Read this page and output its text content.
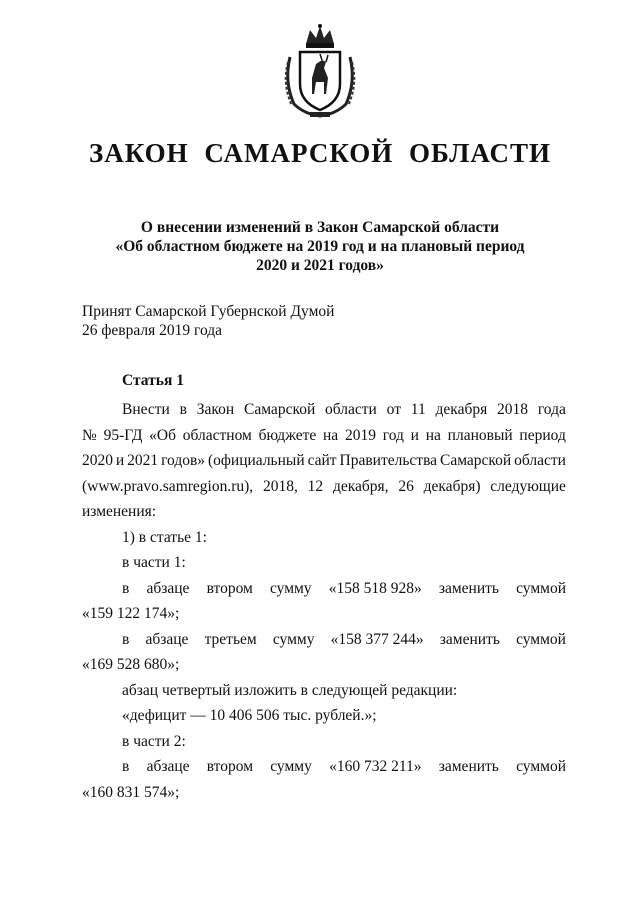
ЗАКОН САМАРСКОЙ ОБЛАСТИ
О внесении изменений в Закон Самарской области
«Об областном бюджете на 2019 год и на плановый период
2020 и 2021 годов»
Принят Самарской Губернской Думой
26 февраля 2019 года
Статья 1
Внести в Закон Самарской области от 11 декабря 2018 года
№ 95-ГД «Об областном бюджете на 2019 год и на плановый период
2020 и 2021 годов» (официальный сайт Правительства Самарской области
(www.pravo.samregion.ru), 2018, 12 декабря, 26 декабря) следующие
изменения:
1) в статье 1:
в части 1:
в абзаце втором сумму «158 518 928» заменить суммой
«159 122 174»;
в абзаце третьем сумму «158 377 244» заменить суммой
«169 528 680»;
абзац четвертый изложить в следующей редакции:
«дефицит — 10 406 506 тыс. рублей.»;
в части 2:
в абзаце втором сумму «160 732 211» заменить суммой
«160 831 574»;
